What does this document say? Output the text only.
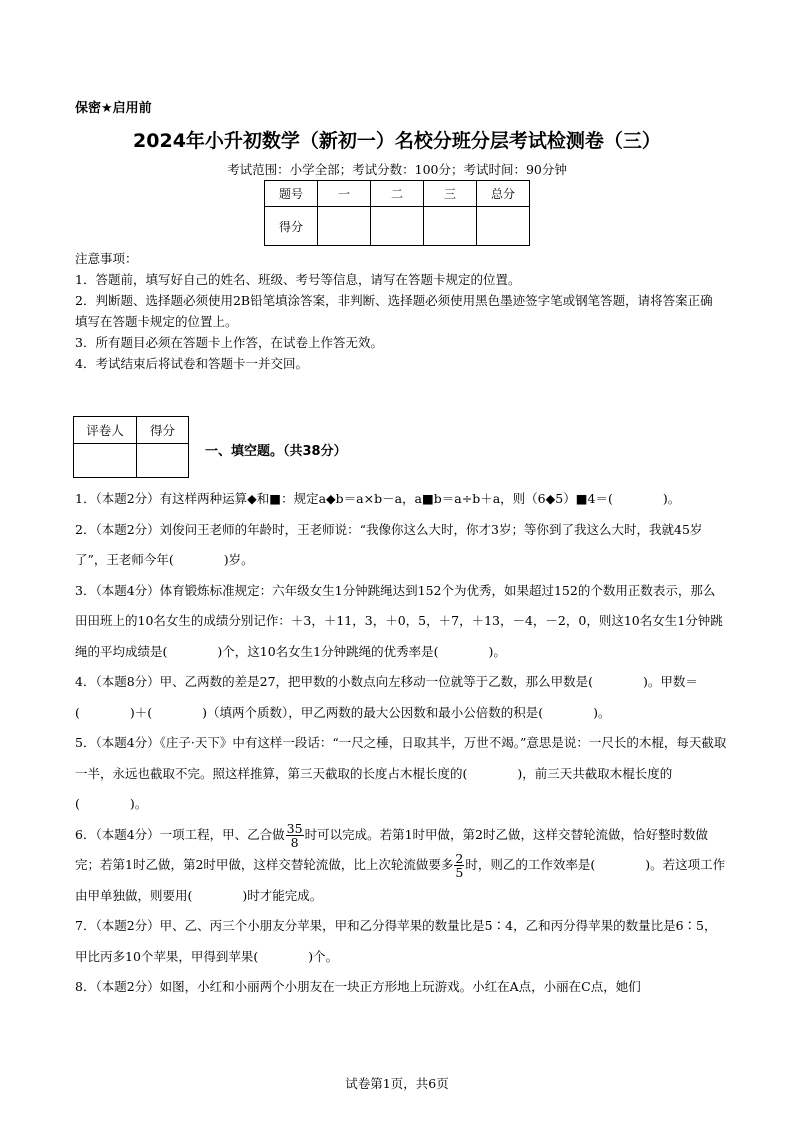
保密★启用前
2024年小升初数学（新初一）名校分班分层考试检测卷（三）
考试范围：小学全部；考试分数：100分；考试时间：90分钟
题号	一	二	三	总分
得分				
注意事项：
1．答题前，填写好自己的姓名、班级、考号等信息，请写在答题卡规定的位置。
2．判断题、选择题必须使用2B铅笔填涂答案，非判断、选择题必须使用黑色墨迹签字笔或钢笔答题，请将答案正确填写在答题卡规定的位置上。
3．所有题目必须在答题卡上作答，在试卷上作答无效。
4．考试结束后将试卷和答题卡一并交回。
评卷人	得分

一、填空题。（共38分）
1．（本题2分）有这样两种运算◆和■：规定a◆b＝a×b－a，a■b＝a÷b＋a，则（6◆5）■4＝(　　　　)。
2．（本题2分）刘俊问王老师的年龄时，王老师说：“我像你这么大时，你才3岁；等你到了我这么大时，我就45岁了”，王老师今年(　　　　)岁。
3．（本题4分）体育锻炼标准规定：六年级女生1分钟跳绳达到152个为优秀，如果超过152的个数用正数表示，那么田田班上的10名女生的成绩分别记作：＋3，＋11，3，＋0，5，＋7，＋13，－4，－2，0，则这10名女生1分钟跳绳的平均成绩是(　　　　)个，这10名女生1分钟跳绳的优秀率是(　　　　)。
4．（本题8分）甲、乙两数的差是27，把甲数的小数点向左移动一位就等于乙数，那么甲数是(　　　　)。甲数＝(　　　　)＋(　　　　)（填两个质数），甲乙两数的最大公因数和最小公倍数的积是(　　　　)。
5．（本题4分）《庄子·天下》中有这样一段话：“一尺之棰，日取其半，万世不竭。”意思是说：一尺长的木棍，每天截取一半，永远也截取不完。照这样推算，第三天截取的长度占木棍长度的(　　　　)，前三天共截取木棍长度的(　　　　)。
6．（本题4分）一项工程，甲、乙合做 $\frac{35}{8}$ 时可以完成。若第1时甲做，第2时乙做，这样交替轮流做，恰好整时数做完；若第1时乙做，第2时甲做，这样交替轮流做，比上次轮流做要多 $\frac{2}{5}$ 时，则乙的工作效率是(　　　　)。若这项工作由甲单独做，则要用(　　　　)时才能完成。
7．（本题2分）甲、乙、丙三个小朋友分苹果，甲和乙分得苹果的数量比是5∶4，乙和丙分得苹果的数量比是6∶5，甲比丙多10个苹果，甲得到苹果(　　　　)个。
8．（本题2分）如图，小红和小丽两个小朋友在一块正方形地上玩游戏。小红在A点，小丽在C点，她们
试卷第1页，共6页
